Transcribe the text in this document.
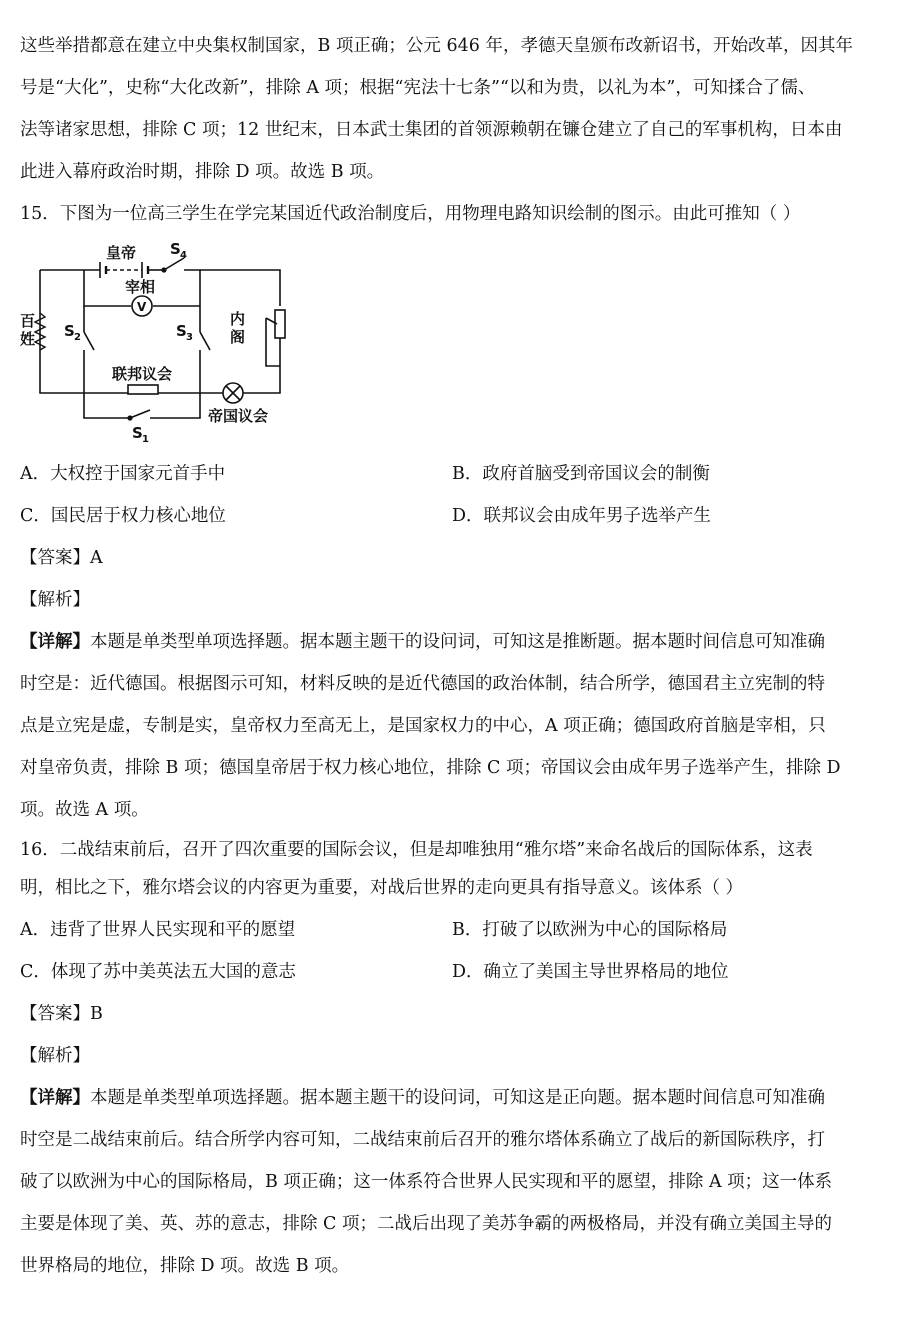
这些举措都意在建立中央集权制国家，B 项正确；公元 646 年，孝德天皇颁布改新诏书，开始改革，因其年
号是“大化”，史称“大化改新”，排除 A 项；根据“宪法十七条”“以和为贵，以礼为本”，可知揉合了儒、
法等诸家思想，排除 C 项；12 世纪末，日本武士集团的首领源赖朝在镰仓建立了自己的军事机构，日本由
此进入幕府政治时期，排除 D 项。故选 B 项。
15．下图为一位高三学生在学完某国近代政治制度后，用物理电路知识绘制的图示。由此可推知（ ）
皇帝 S 4
宰相
V
百
姓 S 2	S 3
内
阁
联邦议会
帝国议会
S 1
A．大权控于国家元首手中	B．政府首脑受到帝国议会的制衡
C．国民居于权力核心地位	D．联邦议会由成年男子选举产生
【答案】A
【解析】
【详解】本题是单类型单项选择题。据本题主题干的设问词，可知这是推断题。据本题时间信息可知准确
时空是：近代德国。根据图示可知，材料反映的是近代德国的政治体制，结合所学，德国君主立宪制的特
点是立宪是虚，专制是实，皇帝权力至高无上，是国家权力的中心，A 项正确；德国政府首脑是宰相，只
对皇帝负责，排除 B 项；德国皇帝居于权力核心地位，排除 C 项；帝国议会由成年男子选举产生，排除 D
项。故选 A 项。
16．二战结束前后，召开了四次重要的国际会议，但是却唯独用“雅尔塔”来命名战后的国际体系，这表
明，相比之下，雅尔塔会议的内容更为重要，对战后世界的走向更具有指导意义。该体系（ ）
A．违背了世界人民实现和平的愿望	B．打破了以欧洲为中心的国际格局
C．体现了苏中美英法五大国的意志	D．确立了美国主导世界格局的地位
【答案】B
【解析】
【详解】本题是单类型单项选择题。据本题主题干的设问词，可知这是正向题。据本题时间信息可知准确
时空是二战结束前后。结合所学内容可知，二战结束前后召开的雅尔塔体系确立了战后的新国际秩序，打
破了以欧洲为中心的国际格局，B 项正确；这一体系符合世界人民实现和平的愿望，排除 A 项；这一体系
主要是体现了美、英、苏的意志，排除 C 项；二战后出现了美苏争霸的两极格局，并没有确立美国主导的
世界格局的地位，排除 D 项。故选 B 项。
